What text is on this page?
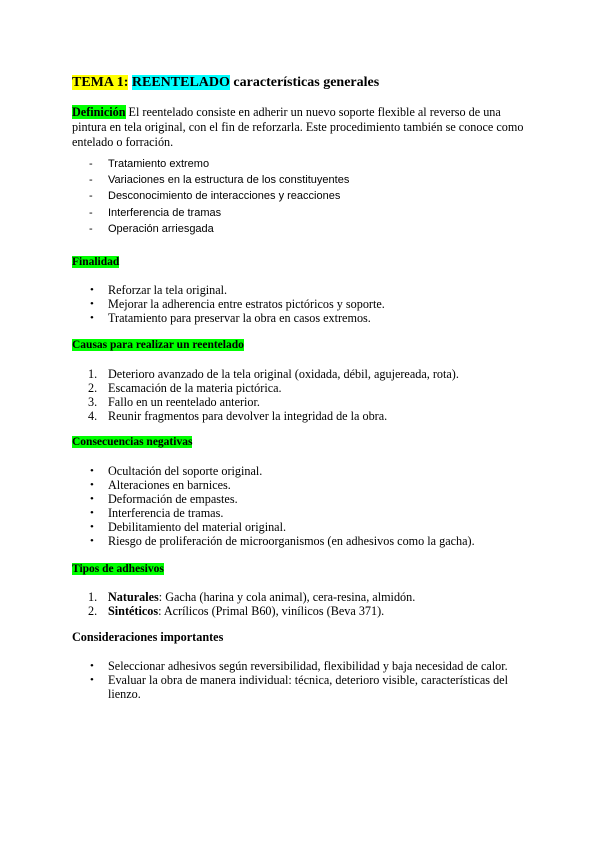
TEMA 1: REENTELADO características generales
Definición El reentelado consiste en adherir un nuevo soporte flexible al reverso de una pintura en tela original, con el fin de reforzarla. Este procedimiento también se conoce como entelado o forración.
- Tratamiento extremo
- Variaciones en la estructura de los constituyentes
- Desconocimiento de interacciones y reacciones
- Interferencia de tramas
- Operación arriesgada
Finalidad
• Reforzar la tela original.
• Mejorar la adherencia entre estratos pictóricos y soporte.
• Tratamiento para preservar la obra en casos extremos.
Causas para realizar un reentelado
1. Deterioro avanzado de la tela original (oxidada, débil, agujereada, rota).
2. Escamación de la materia pictórica.
3. Fallo en un reentelado anterior.
4. Reunir fragmentos para devolver la integridad de la obra.
Consecuencias negativas
• Ocultación del soporte original.
• Alteraciones en barnices.
• Deformación de empastes.
• Interferencia de tramas.
• Debilitamiento del material original.
• Riesgo de proliferación de microorganismos (en adhesivos como la gacha).
Tipos de adhesivos
1. Naturales: Gacha (harina y cola animal), cera-resina, almidón.
2. Sintéticos: Acrílicos (Primal B60), vinílicos (Beva 371).
Consideraciones importantes
• Seleccionar adhesivos según reversibilidad, flexibilidad y baja necesidad de calor.
• Evaluar la obra de manera individual: técnica, deterioro visible, características del lienzo.
